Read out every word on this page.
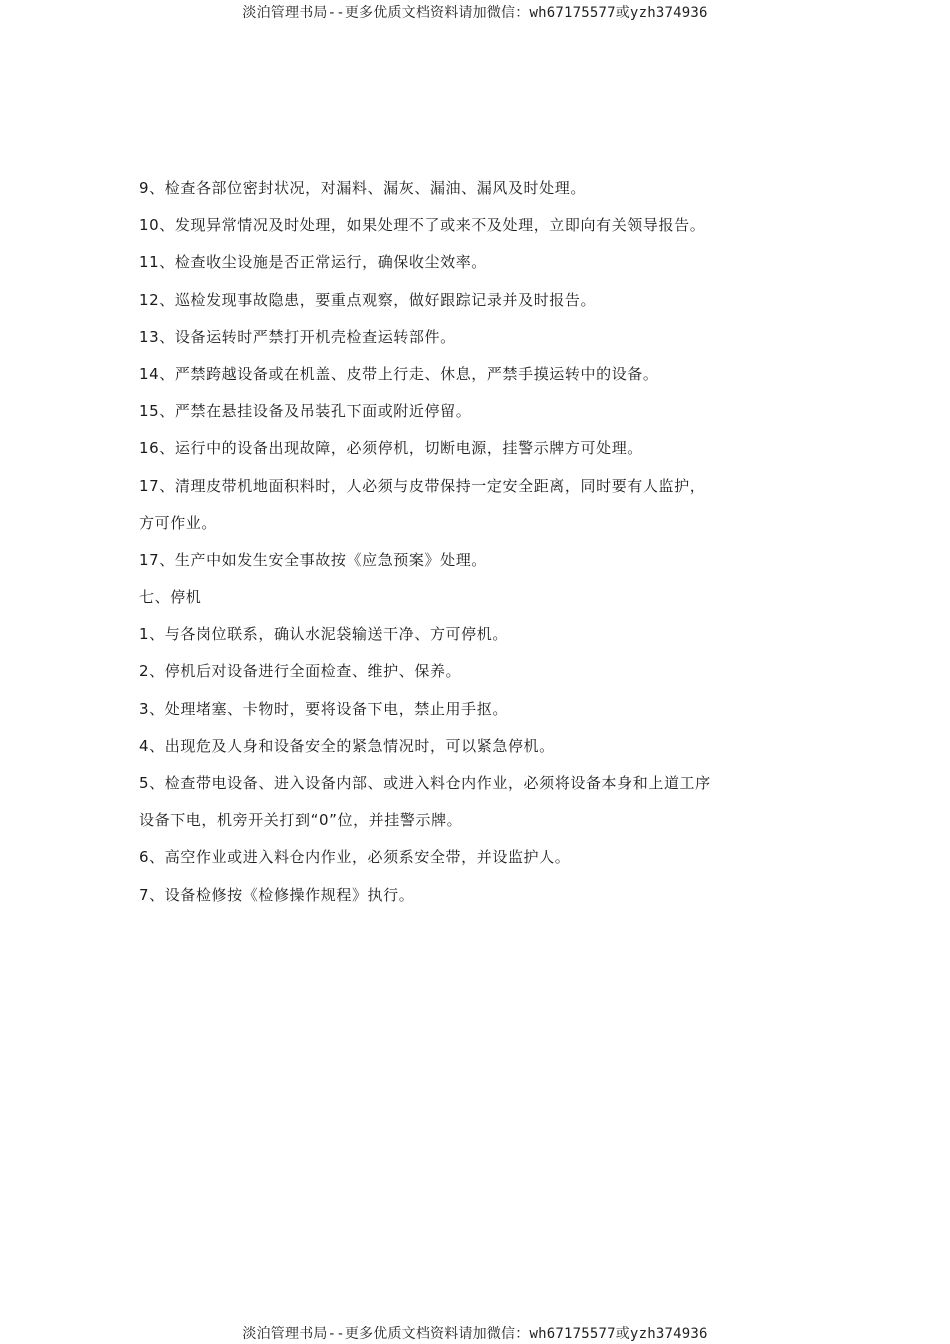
淡泊管理书局--更多优质文档资料请加微信：wh67175577或yzh374936
9、检查各部位密封状况，对漏料、漏灰、漏油、漏风及时处理。
10、发现异常情况及时处理，如果处理不了或来不及处理，立即向有关领导报告。
11、检查收尘设施是否正常运行，确保收尘效率。
12、巡检发现事故隐患，要重点观察，做好跟踪记录并及时报告。
13、设备运转时严禁打开机壳检查运转部件。
14、严禁跨越设备或在机盖、皮带上行走、休息，严禁手摸运转中的设备。
15、严禁在悬挂设备及吊装孔下面或附近停留。
16、运行中的设备出现故障，必须停机，切断电源，挂警示牌方可处理。
17、清理皮带机地面积料时，人必须与皮带保持一定安全距离，同时要有人监护，
方可作业。
17、生产中如发生安全事故按《应急预案》处理。
七、停机
1、与各岗位联系，确认水泥袋输送干净、方可停机。
2、停机后对设备进行全面检查、维护、保养。
3、处理堵塞、卡物时，要将设备下电，禁止用手抠。
4、出现危及人身和设备安全的紧急情况时，可以紧急停机。
5、检查带电设备、进入设备内部、或进入料仓内作业，必须将设备本身和上道工序
设备下电，机旁开关打到“0”位，并挂警示牌。
6、高空作业或进入料仓内作业，必须系安全带，并设监护人。
7、设备检修按《检修操作规程》执行。
淡泊管理书局--更多优质文档资料请加微信：wh67175577或yzh374936
